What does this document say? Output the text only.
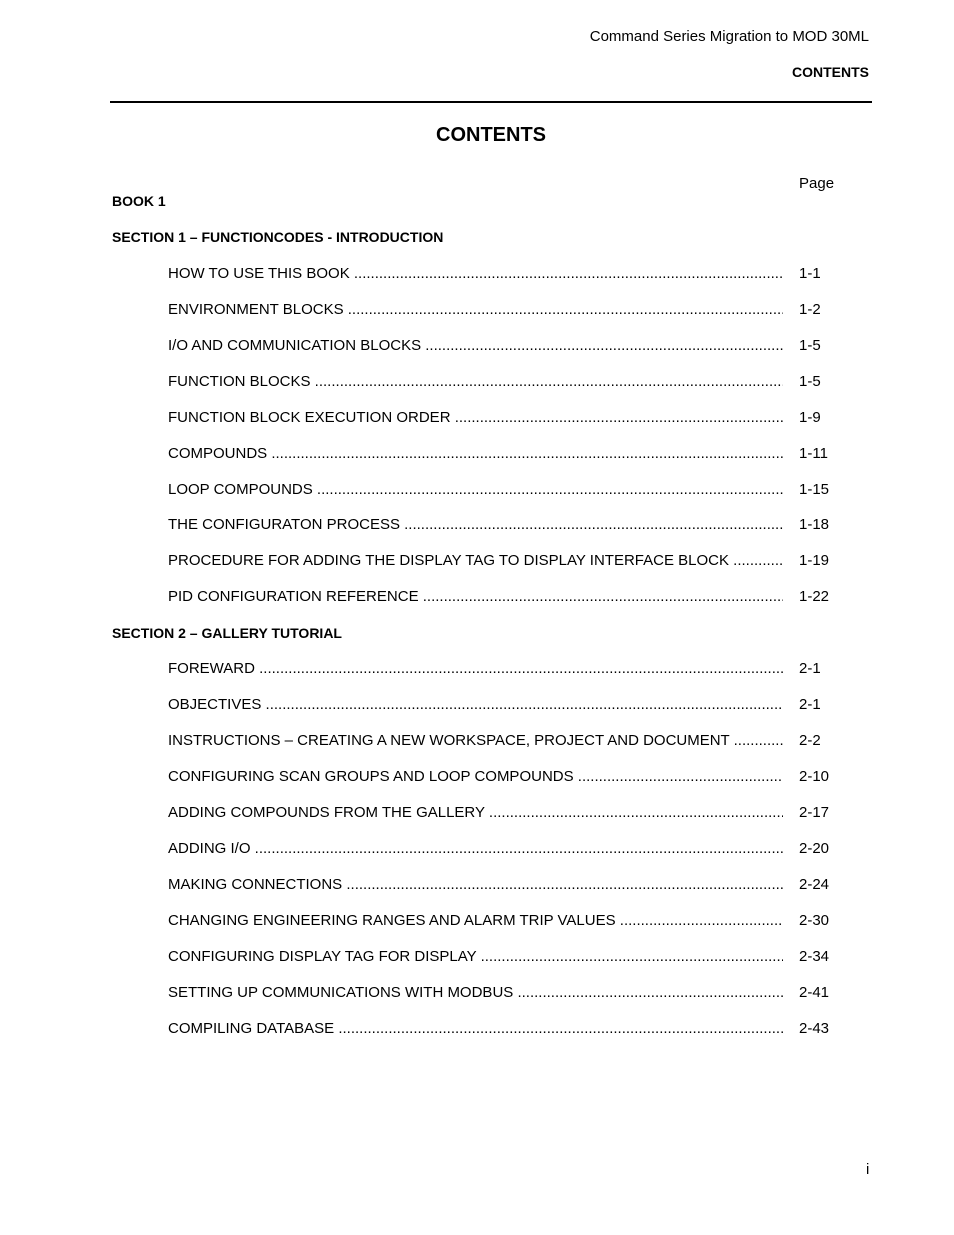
Command Series Migration to MOD 30ML
CONTENTS
CONTENTS
Page
BOOK 1
SECTION 1 – FUNCTIONCODES - INTRODUCTION
HOW TO USE THIS BOOK .....	1-1
ENVIRONMENT BLOCKS .....	1-2
I/O AND COMMUNICATION BLOCKS .....	1-5
FUNCTION BLOCKS .....	1-5
FUNCTION BLOCK EXECUTION ORDER .....	1-9
COMPOUNDS .....	1-11
LOOP COMPOUNDS .....	1-15
THE CONFIGURATON PROCESS .....	1-18
PROCEDURE FOR ADDING THE DISPLAY TAG TO DISPLAY INTERFACE BLOCK .....	1-19
PID CONFIGURATION REFERENCE .....	1-22
SECTION 2 – GALLERY TUTORIAL
FOREWARD .....	2-1
OBJECTIVES .....	2-1
INSTRUCTIONS – CREATING A NEW WORKSPACE, PROJECT AND DOCUMENT .....	2-2
CONFIGURING SCAN GROUPS AND LOOP COMPOUNDS .....	2-10
ADDING COMPOUNDS FROM THE GALLERY .....	2-17
ADDING I/O .....	2-20
MAKING CONNECTIONS .....	2-24
CHANGING ENGINEERING RANGES AND ALARM TRIP VALUES .....	2-30
CONFIGURING DISPLAY TAG FOR DISPLAY .....	2-34
SETTING UP COMMUNICATIONS WITH MODBUS .....	2-41
COMPILING DATABASE .....	2-43
i
